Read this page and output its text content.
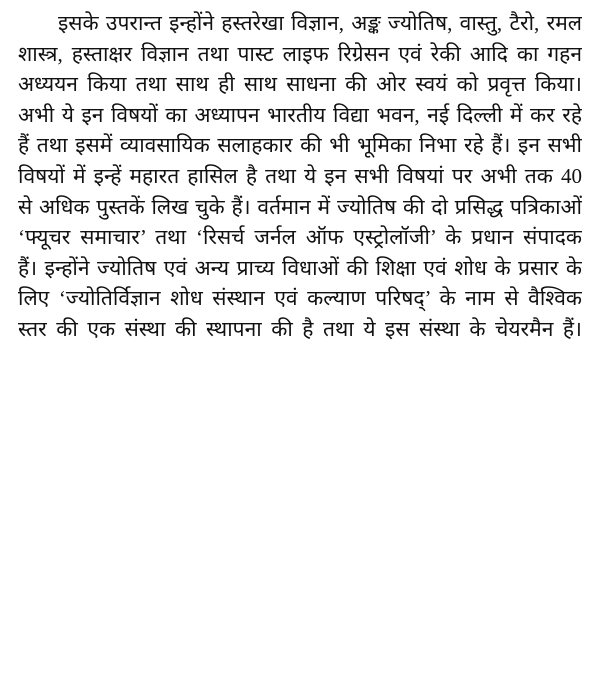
इसके उपरान्त इन्होंने हस्तरेखा विज्ञान, अङ्क ज्योतिष, वास्तु, टैरो, रमल
शास्त्र, हस्ताक्षर विज्ञान तथा पास्ट लाइफ रिग्रेसन एवं रेकी आदि का गहन
अध्ययन किया तथा साथ ही साथ साधना की ओर स्वयं को प्रवृत्त किया।
अभी ये इन विषयों का अध्यापन भारतीय विद्या भवन, नई दिल्ली में कर रहे
हैं तथा इसमें व्यावसायिक सलाहकार की भी भूमिका निभा रहे हैं। इन सभी
विषयों में इन्हें महारत हासिल है तथा ये इन सभी विषयां पर अभी तक 40
से अधिक पुस्तकें लिख चुके हैं। वर्तमान में ज्योतिष की दो प्रसिद्ध पत्रिकाओं
‘फ्यूचर समाचार’ तथा ‘रिसर्च जर्नल ऑफ एस्ट्रोलॉजी’ के प्रधान संपादक
हैं। इन्होंने ज्योतिष एवं अन्य प्राच्य विधाओं की शिक्षा एवं शोध के प्रसार के
लिए ‘ज्योतिर्विज्ञान शोध संस्थान एवं कल्याण परिषद्’ के नाम से वैश्विक
स्तर की एक संस्था की स्थापना की है तथा ये इस संस्था के चेयरमैन हैं।
